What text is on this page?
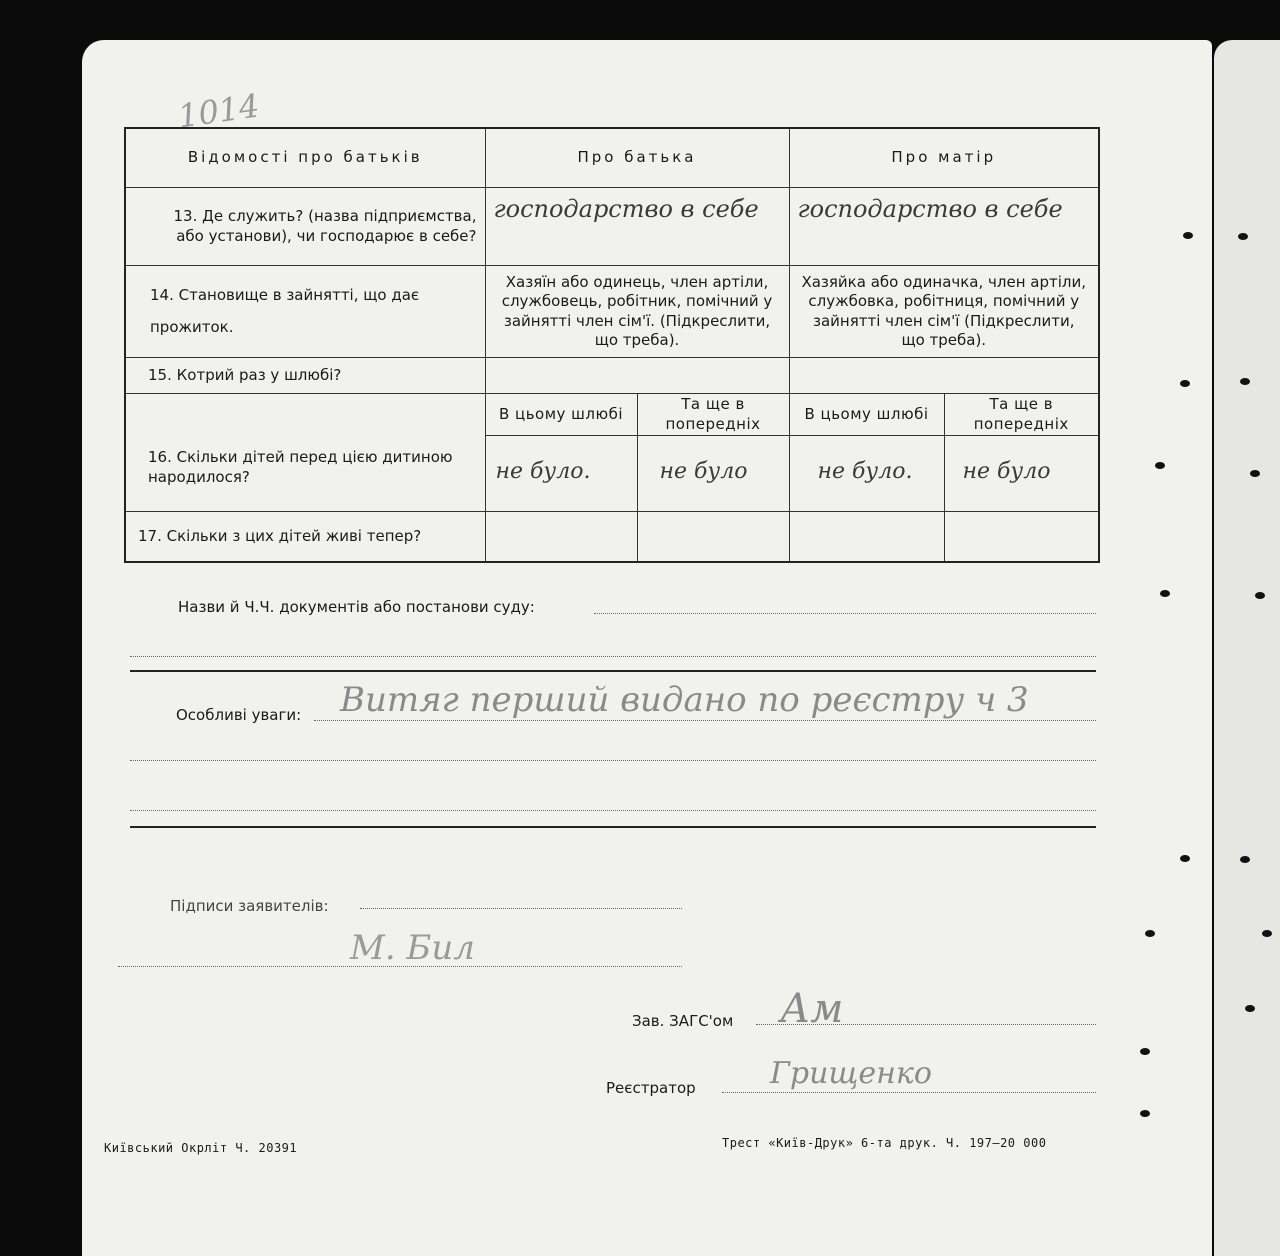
1014
Відомості про батьків	Про батька		Про матір	
13. Де служить? (назва підприємства, або установи), чи господарює в себе?	господарство в себе		господарство в себе	

14. Становище в зайнятті, що дає прожиток.	Хазяїн або одинець, член артіли, службовець, робітник, помічний у зайнятті член сім'ї. (Підкреслити, що треба).		Хазяйка або одиначка, член артіли, службовка, робітниця, помічний у зайнятті член сім'ї (Підкреслити, що треба).	
15. Котрий раз у шлюбі?				
16. Скільки дітей перед цією дитиною народилося?	В цьому шлюбі	Та ще в попередніх	В цьому шлюбі	Та ще в попередніх

	не було.	не було	не було.	не було

17. Скільки з цих дітей живі тепер?				
Назви й Ч.Ч. документів або постанови суду:
Особливі уваги: Витяг перший видано по реєстру ч 3
Підписи заявителів:
М. Бил
Зав. ЗАГС'ом Ам
Реєстратор Грищенко
Київський Окрліт Ч. 20391	Трест «Київ-Друк» 6-та друк. Ч. 197—20 000
